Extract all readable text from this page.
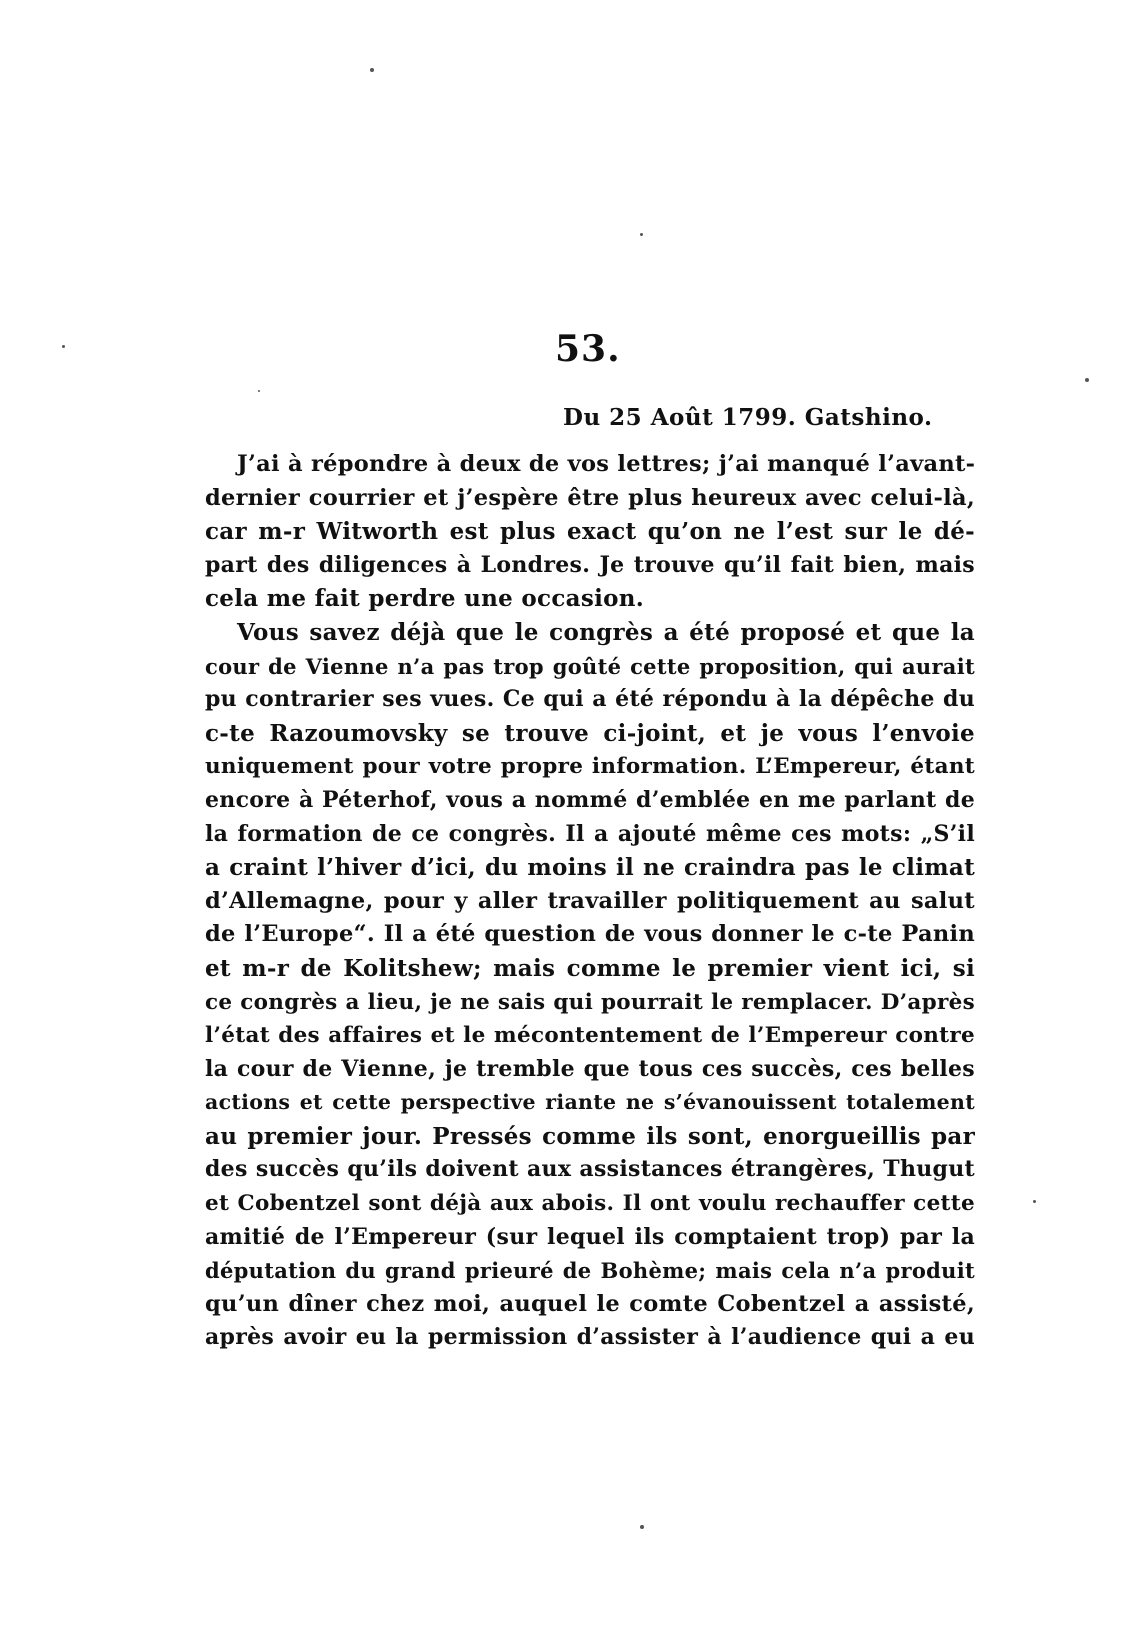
53.
Du 25 Août 1799. Gatshino.
J’ai à répondre à deux de vos lettres; j’ai manqué l’avant-
dernier courrier et j’espère être plus heureux avec celui-là,
car m-r Witworth est plus exact qu’on ne l’est sur le dé-
part des diligences à Londres. Je trouve qu’il fait bien, mais
cela me fait perdre une occasion.
Vous savez déjà que le congrès a été proposé et que la
cour de Vienne n’a pas trop goûté cette proposition, qui aurait
pu contrarier ses vues. Ce qui a été répondu à la dépêche du
c-te Razoumovsky se trouve ci-joint, et je vous l’envoie
uniquement pour votre propre information. L’Empereur, étant
encore à Péterhof, vous a nommé d’emblée en me parlant de
la formation de ce congrès. Il a ajouté même ces mots: „S’il
a craint l’hiver d’ici, du moins il ne craindra pas le climat
d’Allemagne, pour y aller travailler politiquement au salut
de l’Europe“. Il a été question de vous donner le c-te Panin
et m-r de Kolitshew; mais comme le premier vient ici, si
ce congrès a lieu, je ne sais qui pourrait le remplacer. D’après
l’état des affaires et le mécontentement de l’Empereur contre
la cour de Vienne, je tremble que tous ces succès, ces belles
actions et cette perspective riante ne s’évanouissent totalement
au premier jour. Pressés comme ils sont, enorgueillis par
des succès qu’ils doivent aux assistances étrangères, Thugut
et Cobentzel sont déjà aux abois. Il ont voulu rechauffer cette
amitié de l’Empereur (sur lequel ils comptaient trop) par la
députation du grand prieuré de Bohème; mais cela n’a produit
qu’un dîner chez moi, auquel le comte Cobentzel a assisté,
après avoir eu la permission d’assister à l’audience qui a eu
